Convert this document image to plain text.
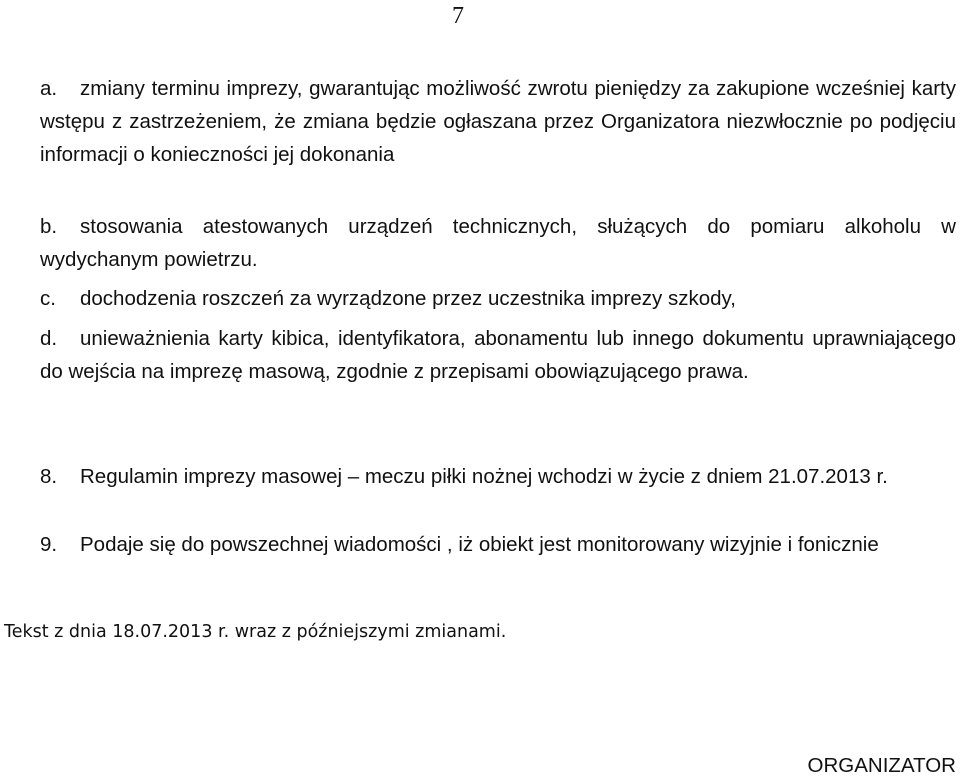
7
a.	zmiany terminu imprezy, gwarantując możliwość zwrotu pieniędzy za zakupione wcześniej karty wstępu z zastrzeżeniem, że zmiana będzie ogłaszana przez Organizatora niezwłocznie po podjęciu informacji o konieczności jej dokonania
b.	stosowania atestowanych urządzeń technicznych, służących do pomiaru alkoholu w wydychanym powietrzu.
c.	dochodzenia roszczeń za wyrządzone przez uczestnika imprezy szkody,
d.	unieważnienia karty kibica, identyfikatora, abonamentu lub innego dokumentu uprawniającego do wejścia na imprezę masową, zgodnie z przepisami obowiązującego prawa.
8.	Regulamin imprezy masowej – meczu piłki nożnej wchodzi w życie z dniem 21.07.2013 r.
9.	Podaje się do powszechnej wiadomości , iż obiekt jest monitorowany wizyjnie i fonicznie
Tekst z dnia 18.07.2013 r. wraz z późniejszymi zmianami.
ORGANIZATOR
